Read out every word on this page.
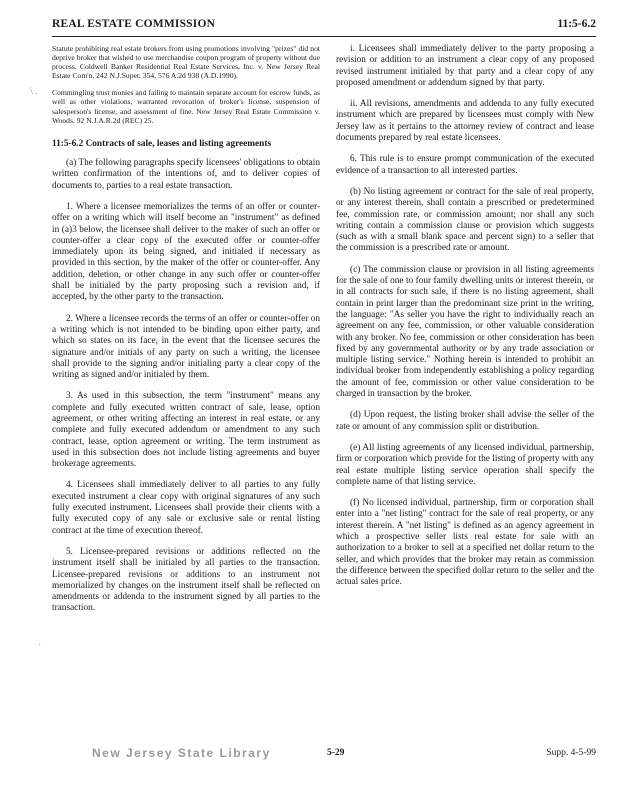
REAL ESTATE COMMISSION	11:5-6.2
\ .
·

Statute prohibiting real estate brokers from using promotions involving "prizes" did not deprive broker that wished to use merchandise coupon program of property without due process. Coldwell Banker Residential Real Estate Services, Inc. v. New Jersey Real Estate Com'n, 242 N.J.Super. 354, 576 A.2d 938 (A.D.1990).

Commingling trust monies and failing to maintain separate account for escrow funds, as well as other violations, warranted revocation of broker's license, suspension of salesperson's license, and assessment of fine. New Jersey Real Estate Commission v. Woods. 92 N.J.A.R.2d (REC) 25.

11:5-6.2 Contracts of sale, leases and listing agreements

(a) The following paragraphs specify licensees' obligations to obtain written confirmation of the intentions of, and to deliver copies of documents to, parties to a real estate transaction.

1. Where a licensee memorializes the terms of an offer or counter-offer on a writing which will itself become an "instrument" as defined in (a)3 below, the licensee shall deliver to the maker of such an offer or counter-offer a clear copy of the executed offer or counter-offer immediately upon its being signed, and initialed if necessary as provided in this section, by the maker of the offer or counter-offer. Any addition, deletion, or other change in any such offer or counter-offer shall be initialed by the party proposing such a revision and, if accepted, by the other party to the transaction.

2. Where a licensee records the terms of an offer or counter-offer on a writing which is not intended to be binding upon either party, and which so states on its face, in the event that the licensee secures the signature and/or initials of any party on such a writing, the licensee shall provide to the signing and/or initialing party a clear copy of the writing as signed and/or initialed by them.

3. As used in this subsection, the term "instrument" means any complete and fully executed written contract of sale, lease, option agreement, or other writing affecting an interest in real estate, or any complete and fully executed addendum or amendment to any such contract, lease, option agreement or writing. The term instrument as used in this subsection does not include listing agreements and buyer brokerage agreements.

4. Licensees shall immediately deliver to all parties to any fully executed instrument a clear copy with original signatures of any such fully executed instrument. Licensees shall provide their clients with a fully executed copy of any sale or exclusive sale or rental listing contract at the time of execution thereof.

5. Licensee-prepared revisions or additions reflected on the instrument itself shall be initialed by all parties to the transaction. Licensee-prepared revisions or additions to an instrument not memorialized by changes on the instrument itself shall be reflected on amendments or addenda to the instrument signed by all parties to the transaction.

i. Licensees shall immediately deliver to the party proposing a revision or addition to an instrument a clear copy of any proposed revised instrument initialed by that party and a clear copy of any proposed amendment or addendum signed by that party.

ii. All revisions, amendments and addenda to any fully executed instrument which are prepared by licensees must comply with New Jersey law as it pertains to the attorney review of contract and lease documents prepared by real estate licensees.

6. This rule is to ensure prompt communication of the executed evidence of a transaction to all interested parties.

(b) No listing agreement or contract for the sale of real property, or any interest therein, shall contain a prescribed or predetermined fee, commission rate, or commission amount; nor shall any such writing contain a commission clause or provision which suggests (such as with a small blank space and percent sign) to a seller that the commission is a prescribed rate or amount.

(c) The commission clause or provision in all listing agreements for the sale of one to four family dwelling units or interest therein, or in all contracts for such sale, if there is no listing agreement, shall contain in print larger than the predominant size print in the writing, the language: "As seller you have the right to individually reach an agreement on any fee, commission, or other valuable consideration with any broker. No fee, commission or other consideration has been fixed by any governmental authority or by any trade association or multiple listing service." Nothing herein is intended to prohibit an individual broker from independently establishing a policy regarding the amount of fee, commission or other value consideration to be charged in transaction by the broker.

(d) Upon request, the listing broker shall advise the seller of the rate or amount of any commission split or distribution.

(e) All listing agreements of any licensed individual, partnership, firm or corporation which provide for the listing of property with any real estate multiple listing service operation shall specify the complete name of that listing service.

(f) No licensed individual, partnership, firm or corporation shall enter into a "net listing" contract for the sale of real property, or any interest therein. A "net listing" is defined as an agency agreement in which a prospective seller lists real estate for sale with an authorization to a broker to sell at a specified net dollar return to the seller, and which provides that the broker may retain as commission the difference between the specified dollar return to the seller and the actual sales price.

New Jersey State Library	5-29	Supp. 4-5-99
